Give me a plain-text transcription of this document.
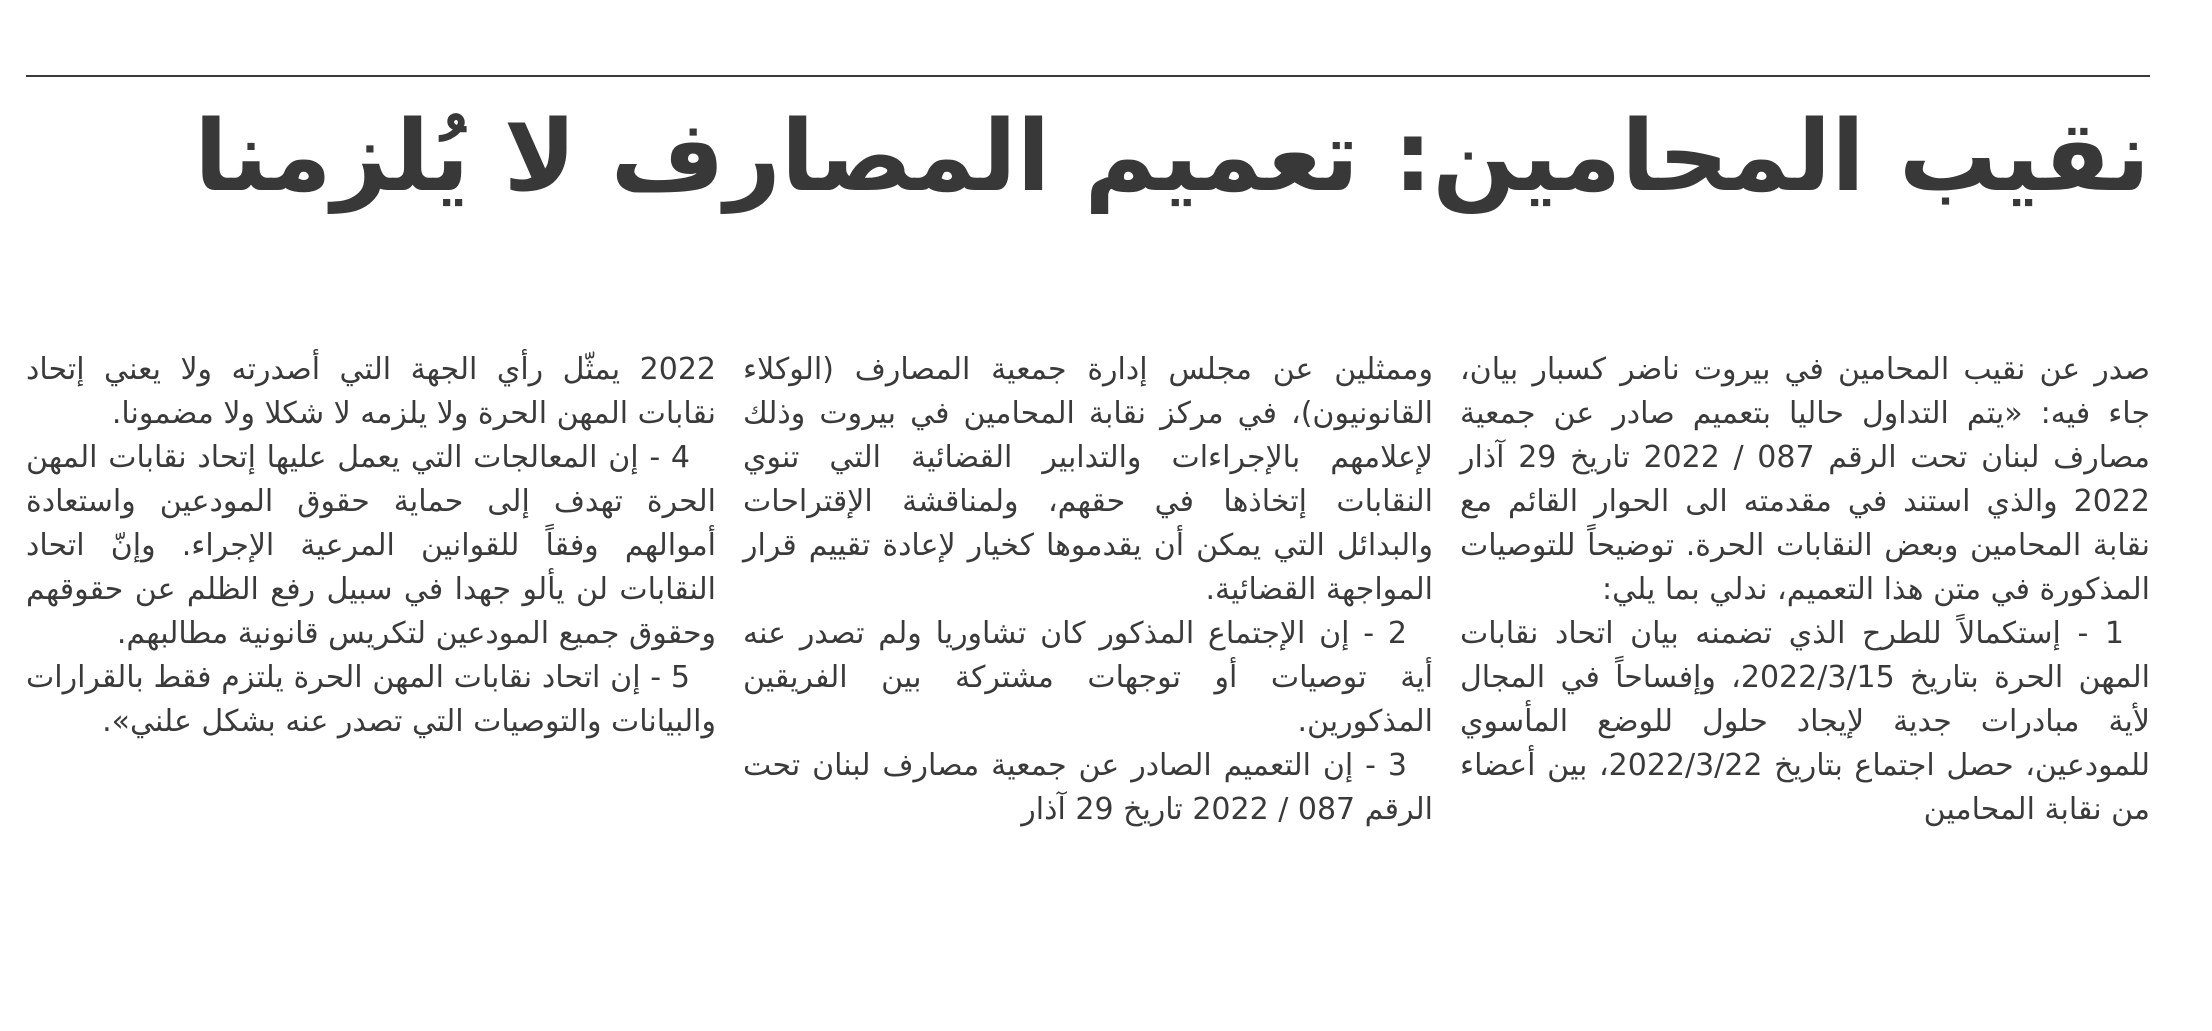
نقيب المحامين: تعميم المصارف لا يُلزمنا

صدر عن نقيب المحامين في بيروت ناضر كسبار بيان، جاء فيه: «يتم التداول حاليا بتعميم صادر عن جمعية مصارف لبنان تحت الرقم 087 / 2022 تاريخ 29 آذار 2022 والذي استند في مقدمته الى الحوار القائم مع نقابة المحامين وبعض النقابات الحرة. توضيحاً للتوصيات المذكورة في متن هذا التعميم، ندلي بما يلي:

1 - إستكمالاً للطرح الذي تضمنه بيان اتحاد نقابات المهن الحرة بتاريخ 2022/3/15، وإفساحاً في المجال لأية مبادرات جدية لإيجاد حلول للوضع المأسوي للمودعين، حصل اجتماع بتاريخ 2022/3/22، بين أعضاء من نقابة المحامين

وممثلين عن مجلس إدارة جمعية المصارف (الوكلاء القانونيون)، في مركز نقابة المحامين في بيروت وذلك لإعلامهم بالإجراءات والتدابير القضائية التي تنوي النقابات إتخاذها في حقهم، ولمناقشة الإقتراحات والبدائل التي يمكن أن يقدموها كخيار لإعادة تقييم قرار المواجهة القضائية.

2 - إن الإجتماع المذكور كان تشاوريا ولم تصدر عنه أية توصيات أو توجهات مشتركة بين الفريقين المذكورين.

3 - إن التعميم الصادر عن جمعية مصارف لبنان تحت الرقم 087 / 2022 تاريخ 29 آذار

2022 يمثّل رأي الجهة التي أصدرته ولا يعني إتحاد نقابات المهن الحرة ولا يلزمه لا شكلا ولا مضمونا.

4 - إن المعالجات التي يعمل عليها إتحاد نقابات المهن الحرة تهدف إلى حماية حقوق المودعين واستعادة أموالهم وفقاً للقوانين المرعية الإجراء. وإنّ اتحاد النقابات لن يألو جهدا في سبيل رفع الظلم عن حقوقهم وحقوق جميع المودعين لتكريس قانونية مطالبهم.

5 - إن اتحاد نقابات المهن الحرة يلتزم فقط بالقرارات والبيانات والتوصيات التي تصدر عنه بشكل علني».
